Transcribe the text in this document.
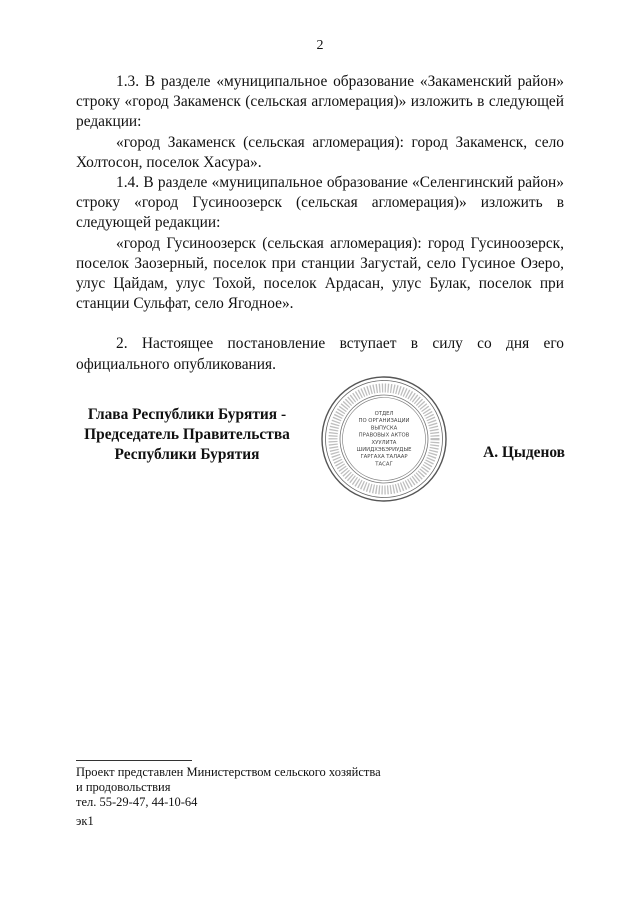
2

1.3. В разделе «муниципальное образование «Закаменский район» строку «город Закаменск (сельская агломерация)» изложить в следующей редакции:

«город Закаменск (сельская агломерация): город Закаменск, село Холтосон, поселок Хасура».

1.4. В разделе «муниципальное образование «Селенгинский район» строку «город Гусиноозерск (сельская агломерация)» изложить в следующей редакции:

«город Гусиноозерск (сельская агломерация): город Гусиноозерск, поселок Заозерный, поселок при станции Загустай, село Гусиное Озеро, улус Цайдам, улус Тохой, поселок Ардасан, улус Булак, поселок при станции Сульфат, село Ягодное».

2. Настоящее постановление вступает в силу со дня его официального опубликования.

Глава Республики Бурятия -
Председатель Правительства
Республики Бурятия
ОТДЕЛ
ПО ОРГАНИЗАЦИИ
ВЫПУСКА
ПРАВОВЫХ АКТОВ
ХУУЛИТА
ШИИДХЭБЭРИУДЫЕ
ГАРГАХА ТАЛААР
ТАСАГ
А. Цыденов
Проект представлен Министерством сельского хозяйства
и продовольствия
тел. 55-29-47, 44-10-64
эк1
